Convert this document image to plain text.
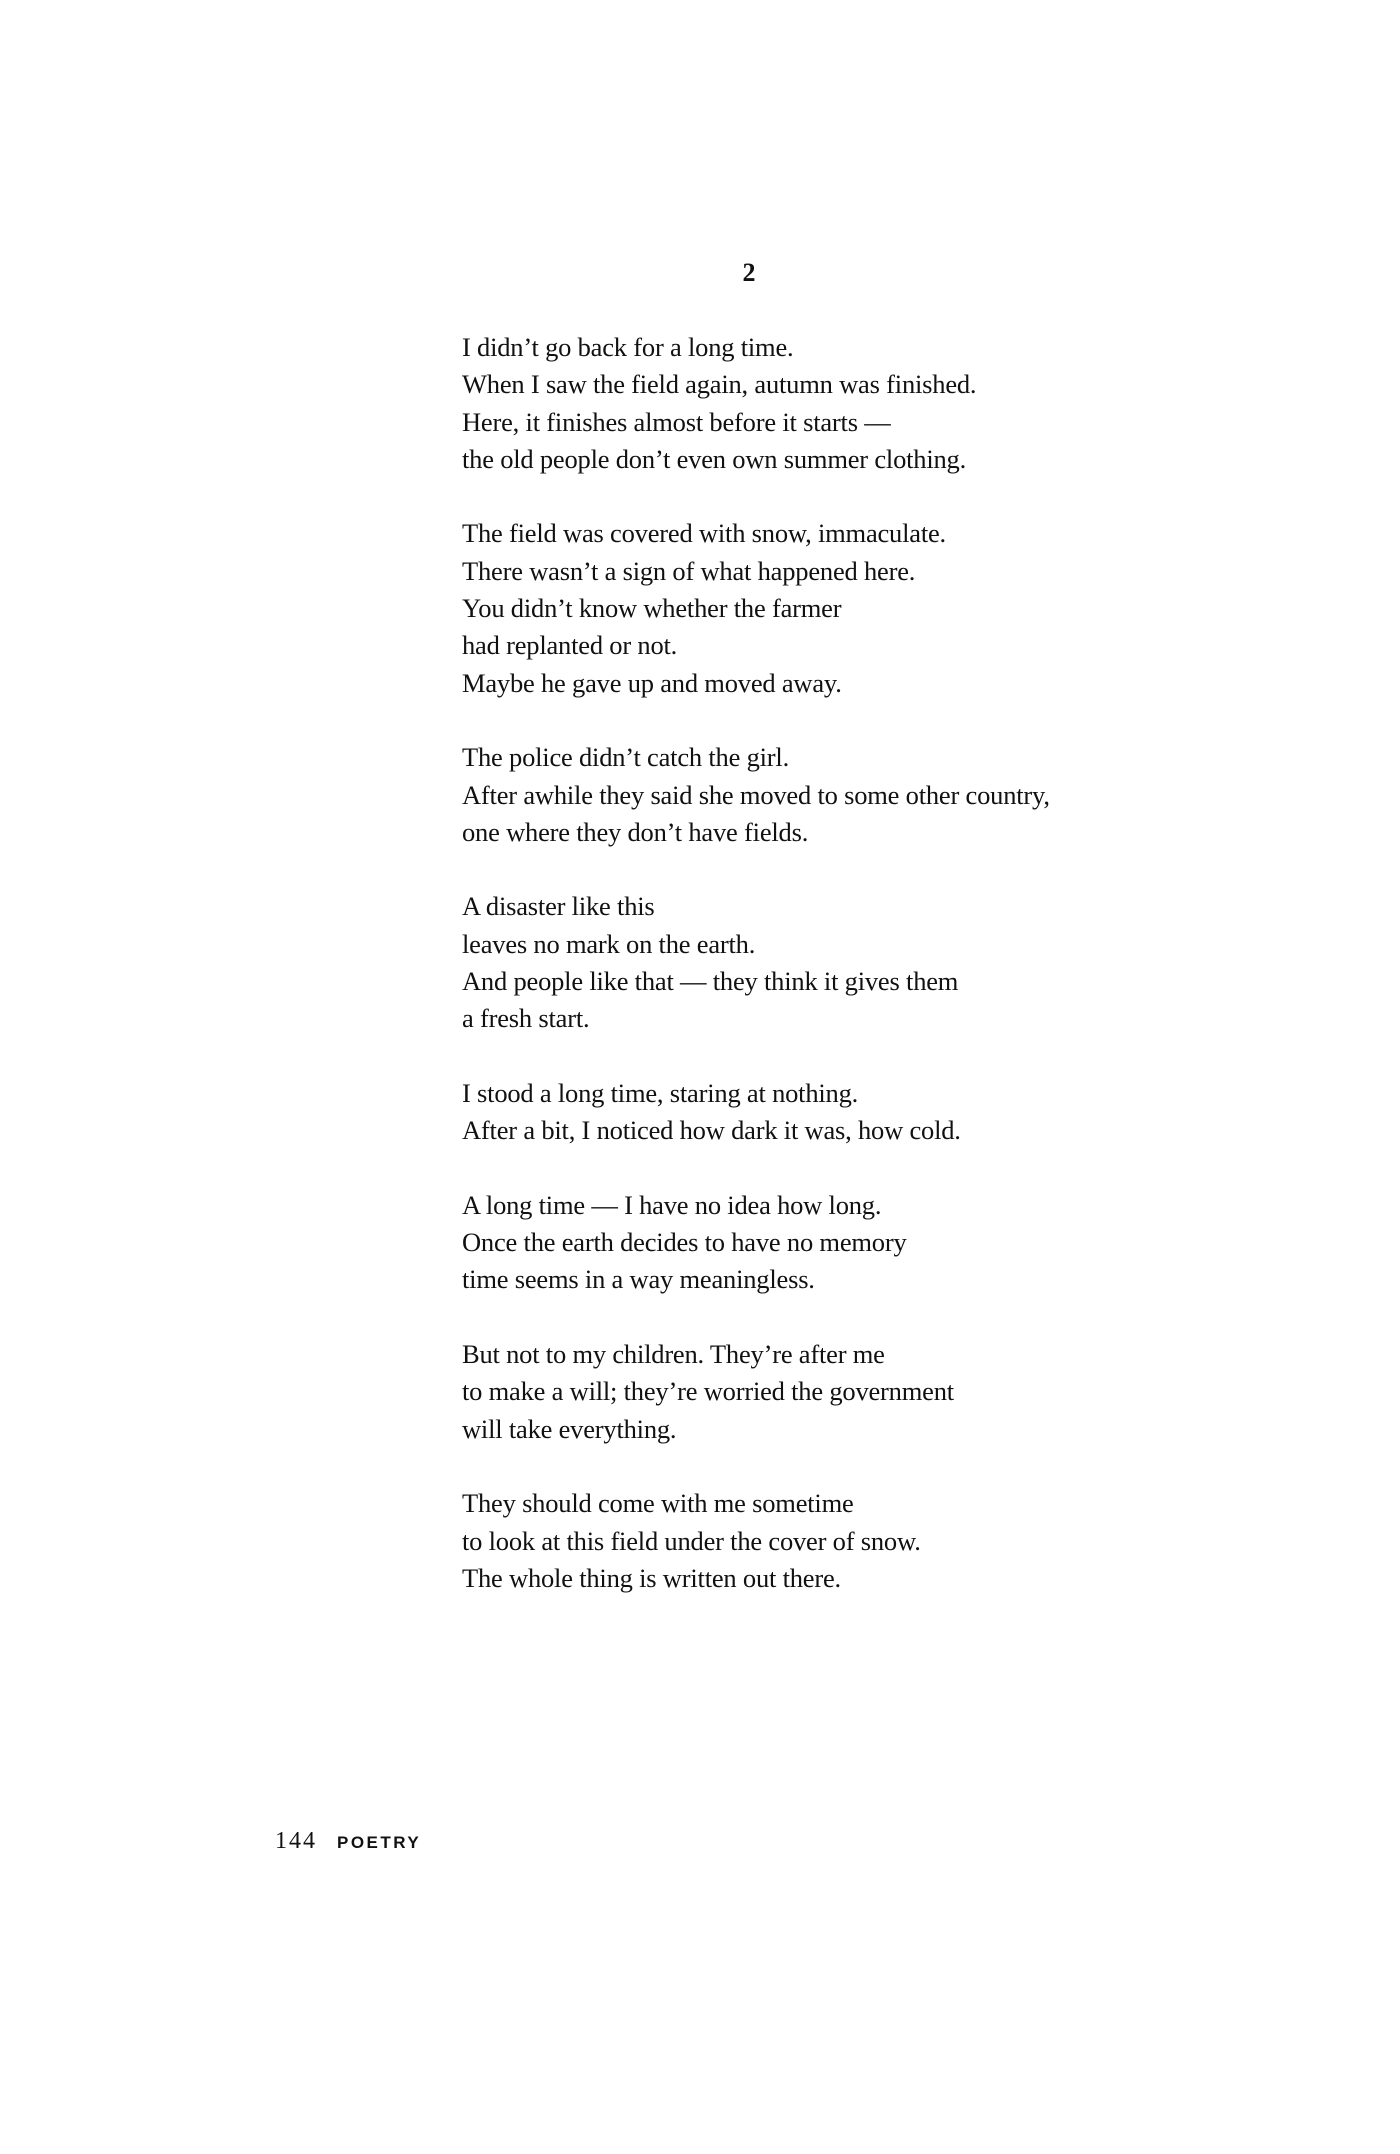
2
I didn’t go back for a long time.
When I saw the field again, autumn was finished.
Here, it finishes almost before it starts —
the old people don’t even own summer clothing.
The field was covered with snow, immaculate.
There wasn’t a sign of what happened here.
You didn’t know whether the farmer
had replanted or not.
Maybe he gave up and moved away.
The police didn’t catch the girl.
After awhile they said she moved to some other country,
one where they don’t have fields.
A disaster like this
leaves no mark on the earth.
And people like that — they think it gives them
a fresh start.
I stood a long time, staring at nothing.
After a bit, I noticed how dark it was, how cold.
A long time — I have no idea how long.
Once the earth decides to have no memory
time seems in a way meaningless.
But not to my children. They’re after me
to make a will; they’re worried the government
will take everything.
They should come with me sometime
to look at this field under the cover of snow.
The whole thing is written out there.
144 POETRY
